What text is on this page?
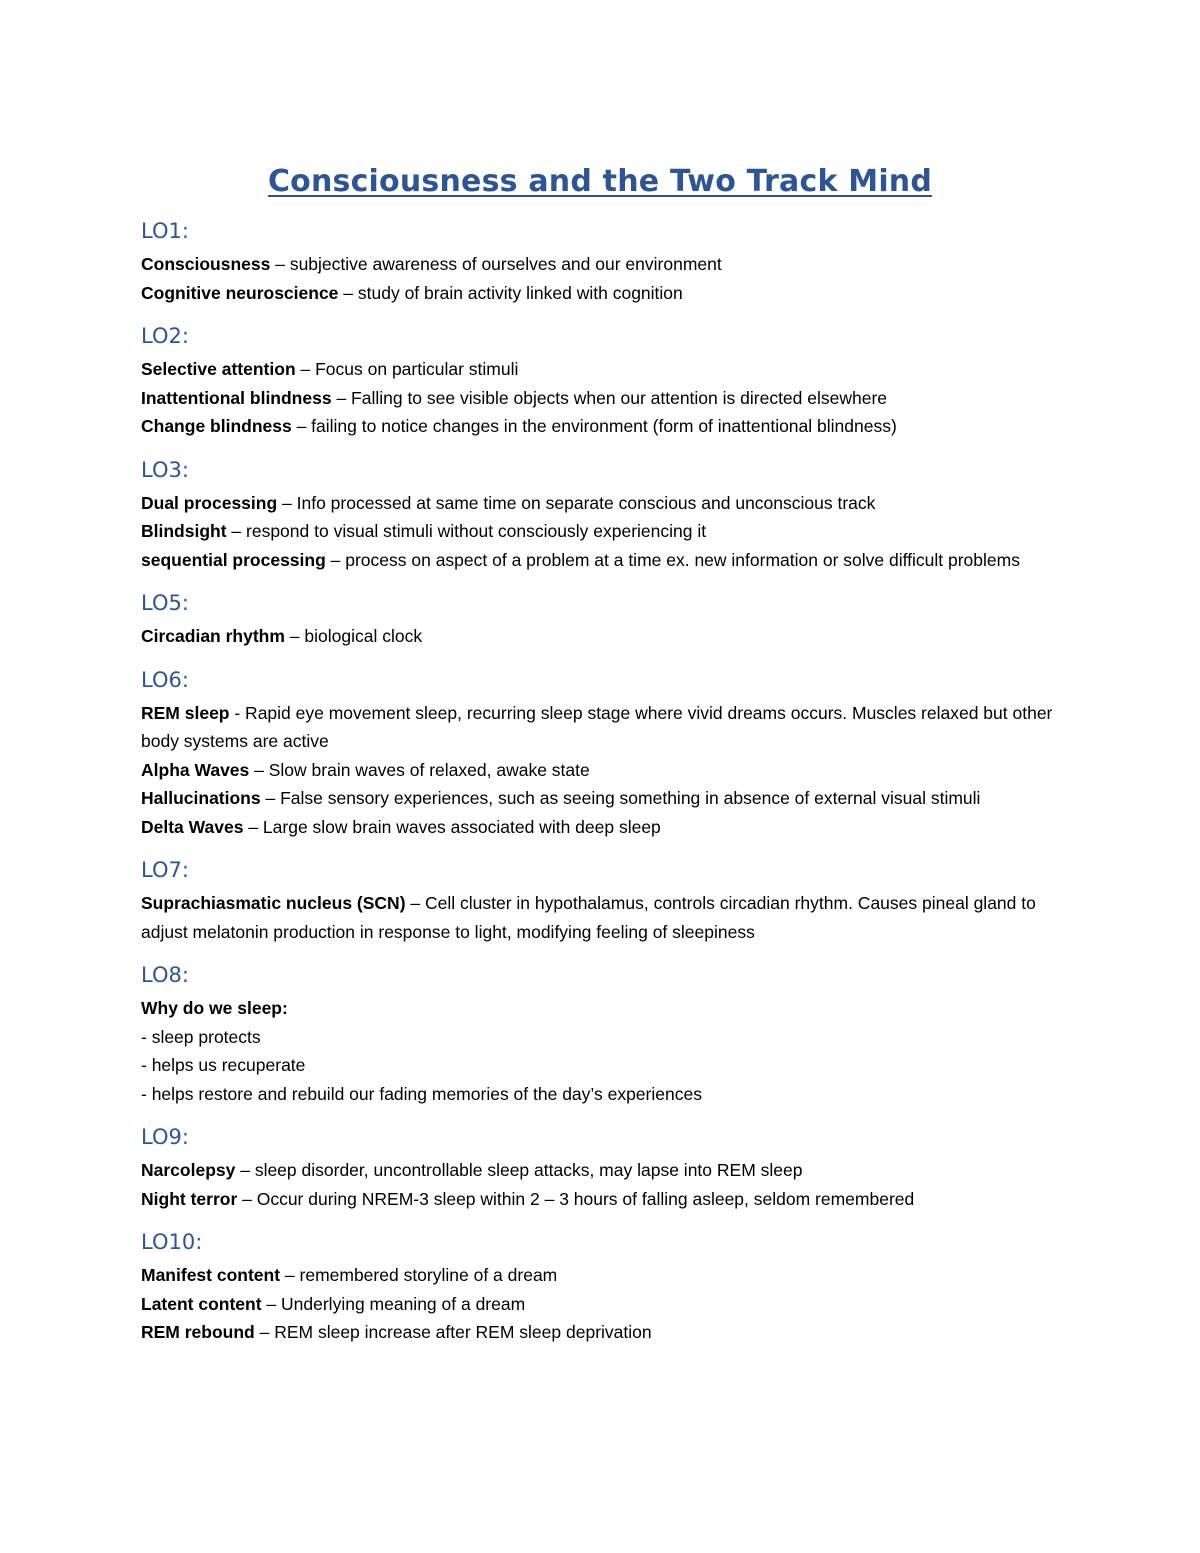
Consciousness and the Two Track Mind
LO1:

Consciousness – subjective awareness of ourselves and our environment

Cognitive neuroscience – study of brain activity linked with cognition

LO2:

Selective attention – Focus on particular stimuli

Inattentional blindness – Falling to see visible objects when our attention is directed elsewhere

Change blindness – failing to notice changes in the environment (form of inattentional blindness)

LO3:

Dual processing – Info processed at same time on separate conscious and unconscious track

Blindsight – respond to visual stimuli without consciously experiencing it

sequential processing – process on aspect of a problem at a time ex. new information or solve difficult problems

LO5:

Circadian rhythm – biological clock

LO6:

REM sleep - Rapid eye movement sleep, recurring sleep stage where vivid dreams occurs. Muscles relaxed but other body systems are active

Alpha Waves – Slow brain waves of relaxed, awake state

Hallucinations – False sensory experiences, such as seeing something in absence of external visual stimuli

Delta Waves – Large slow brain waves associated with deep sleep

LO7:

Suprachiasmatic nucleus (SCN) – Cell cluster in hypothalamus, controls circadian rhythm. Causes pineal gland to adjust melatonin production in response to light, modifying feeling of sleepiness

LO8:

Why do we sleep:

- sleep protects

- helps us recuperate

- helps restore and rebuild our fading memories of the day’s experiences

LO9:

Narcolepsy – sleep disorder, uncontrollable sleep attacks, may lapse into REM sleep

Night terror – Occur during NREM-3 sleep within 2 – 3 hours of falling asleep, seldom remembered

LO10:

Manifest content – remembered storyline of a dream

Latent content – Underlying meaning of a dream

REM rebound – REM sleep increase after REM sleep deprivation
